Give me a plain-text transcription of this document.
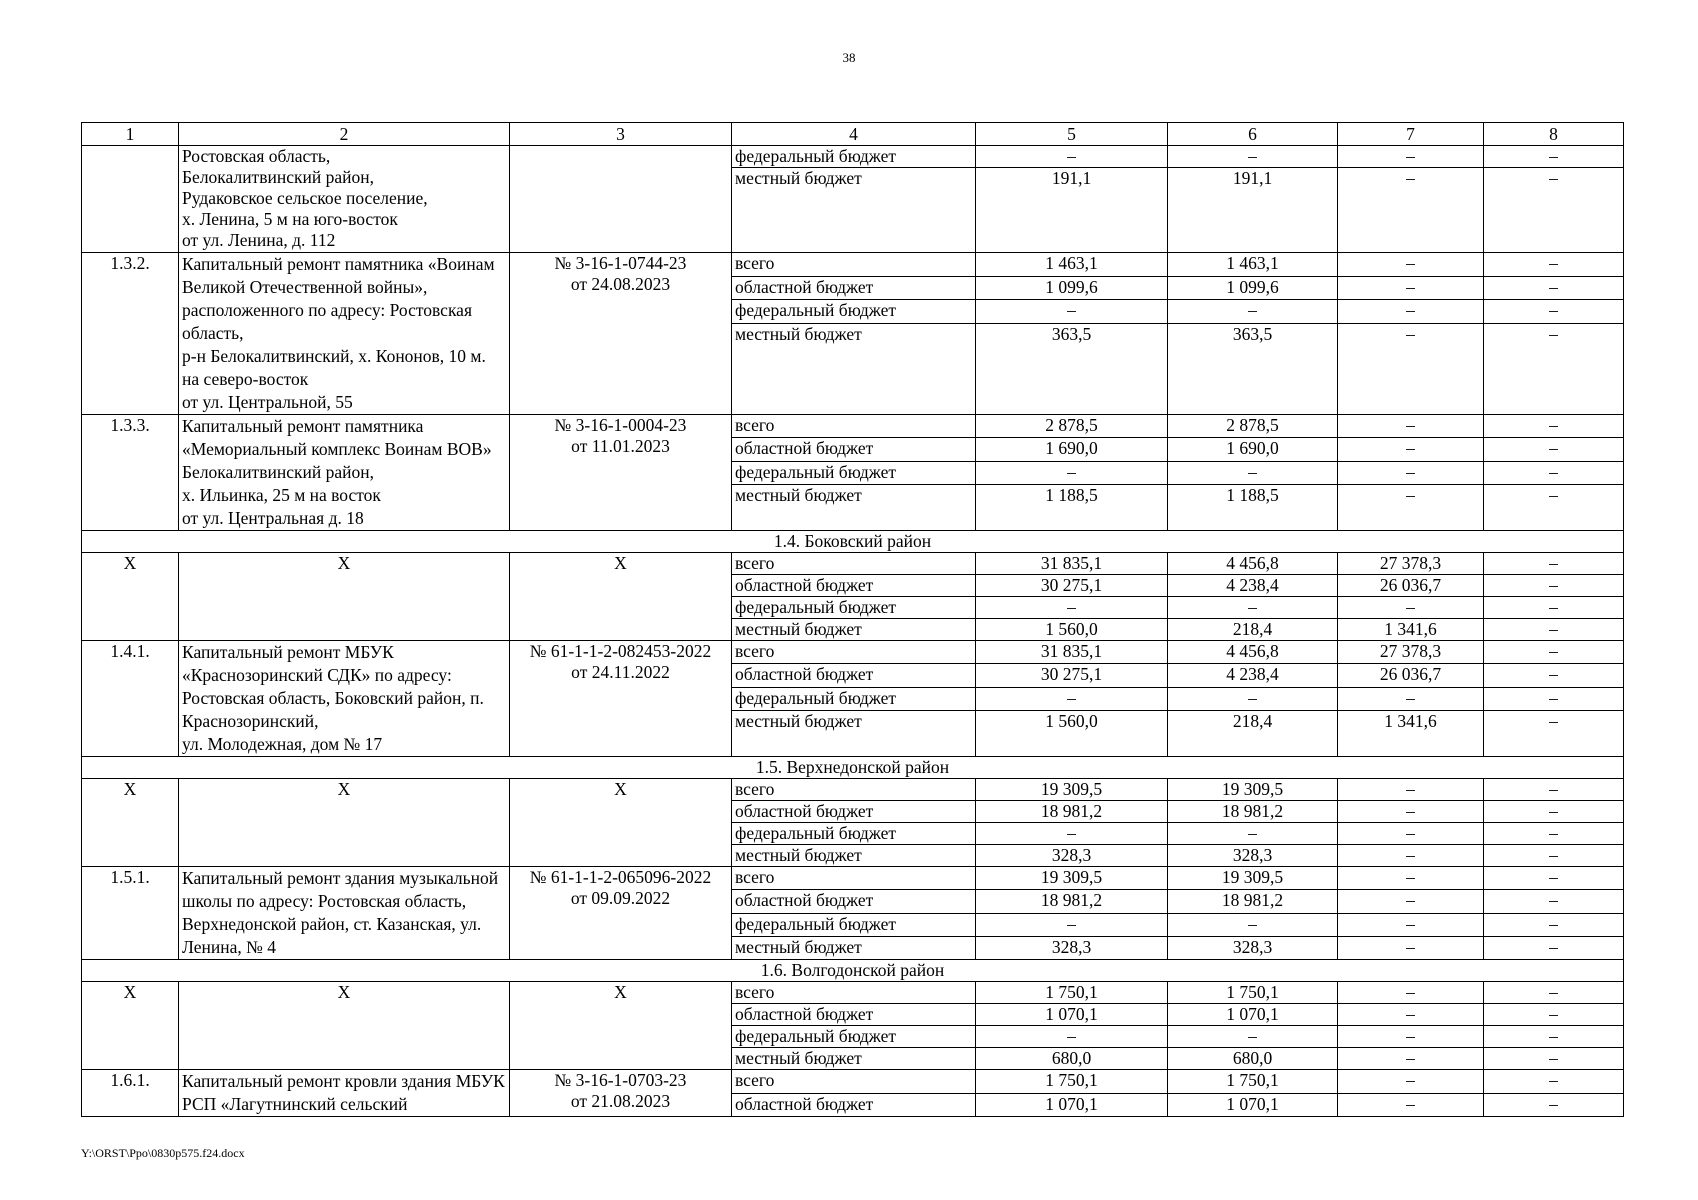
38
1	2	3	4	5	6	7	8
	Ростовская область,
Белокалитвинский район,
Рудаковское сельское поселение,
х. Ленина, 5 м на юго-восток
от ул. Ленина, д. 112		федеральный бюджет	–	–	–	–
			местный бюджет	191,1	191,1	–	–
1.3.2.	Капитальный ремонт памятника «Воинам Великой Отечественной войны», расположенного по адресу: Ростовская область,
р-н Белокалитвинский, х. Кононов, 10 м. на северо-восток
от ул. Центральной, 55	№ 3-16-1-0744-23
от 24.08.2023	всего	1 463,1	1 463,1	–	–
			областной бюджет	1 099,6	1 099,6	–	–
			федеральный бюджет	–	–	–	–
			местный бюджет	363,5	363,5	–	–
1.3.3.	Капитальный ремонт памятника «Мемориальный комплекс Воинам ВОВ» Белокалитвинский район,
х. Ильинка, 25 м на восток
от ул. Центральная д. 18	№ 3-16-1-0004-23
от 11.01.2023	всего	2 878,5	2 878,5	–	–
			областной бюджет	1 690,0	1 690,0	–	–
			федеральный бюджет	–	–	–	–
			местный бюджет	1 188,5	1 188,5	–	–
1.4. Боковский район							
Х	Х	Х	всего	31 835,1	4 456,8	27 378,3	–
			областной бюджет	30 275,1	4 238,4	26 036,7	–
			федеральный бюджет	–	–	–	–
			местный бюджет	1 560,0	218,4	1 341,6	–
1.4.1.	Капитальный ремонт МБУК «Краснозоринский СДК» по адресу: Ростовская область, Боковский район, п. Краснозоринский,
ул. Молодежная, дом № 17	№ 61-1-1-2-082453-2022
от 24.11.2022	всего	31 835,1	4 456,8	27 378,3	–
			областной бюджет	30 275,1	4 238,4	26 036,7	–
			федеральный бюджет	–	–	–	–
			местный бюджет	1 560,0	218,4	1 341,6	–
1.5. Верхнедонской район							
Х	Х	Х	всего	19 309,5	19 309,5	–	–
			областной бюджет	18 981,2	18 981,2	–	–
			федеральный бюджет	–	–	–	–
			местный бюджет	328,3	328,3	–	–
1.5.1.	Капитальный ремонт здания музыкальной школы по адресу: Ростовская область, Верхнедонской район, ст. Казанская, ул. Ленина, № 4	№ 61-1-1-2-065096-2022
от 09.09.2022	всего	19 309,5	19 309,5	–	–
			областной бюджет	18 981,2	18 981,2	–	–
			федеральный бюджет	–	–	–	–
			местный бюджет	328,3	328,3	–	–
1.6. Волгодонской район							
Х	Х	Х	всего	1 750,1	1 750,1	–	–
			областной бюджет	1 070,1	1 070,1	–	–
			федеральный бюджет	–	–	–	–
			местный бюджет	680,0	680,0	–	–
1.6.1.	Капитальный ремонт кровли здания МБУК РСП «Лагутнинский сельский	№ 3-16-1-0703-23
от 21.08.2023	всего	1 750,1	1 750,1	–	–
			областной бюджет	1 070,1	1 070,1	–	–
Y:\ORST\Ppo\0830p575.f24.docx
